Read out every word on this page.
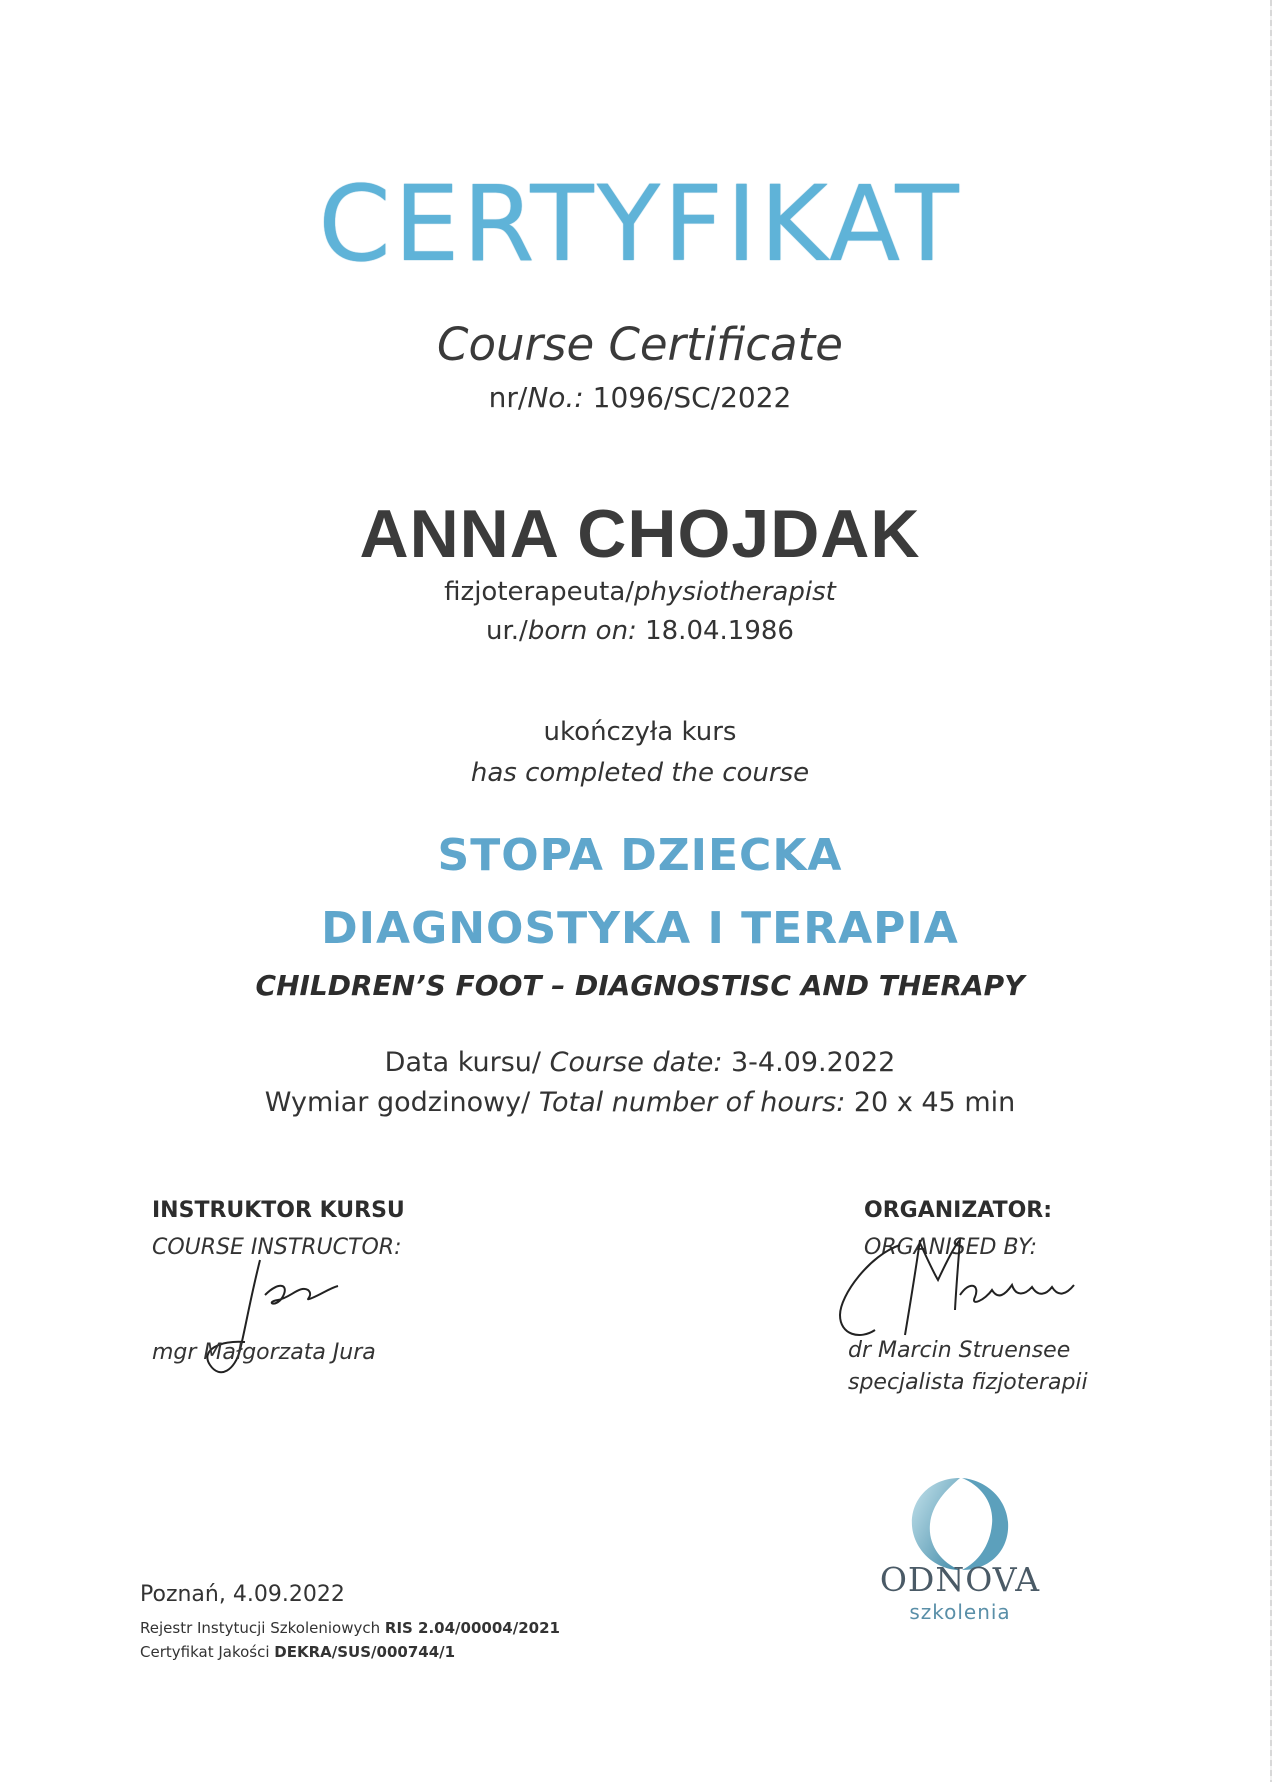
CERTYFIKAT
Course Certificate
nr/No.: 1096/SC/2022
ANNA CHOJDAK
fizjoterapeuta/physiotherapist
ur./born on: 18.04.1986
ukończyła kurs
has completed the course
STOPA DZIECKA
DIAGNOSTYKA I TERAPIA
CHILDREN’S FOOT – DIAGNOSTISC AND THERAPY
Data kursu/ Course date: 3-4.09.2022
Wymiar godzinowy/ Total number of hours: 20 x 45 min
INSTRUKTOR KURSU
COURSE INSTRUCTOR:
mgr Małgorzata Jura
ORGANIZATOR:
ORGANISED BY:
dr Marcin Struensee
specjalista fizjoterapii
ODNOVA
szkolenia
Poznań, 4.09.2022
Rejestr Instytucji Szkoleniowych RIS 2.04/00004/2021
Certyfikat Jakości DEKRA/SUS/000744/1
